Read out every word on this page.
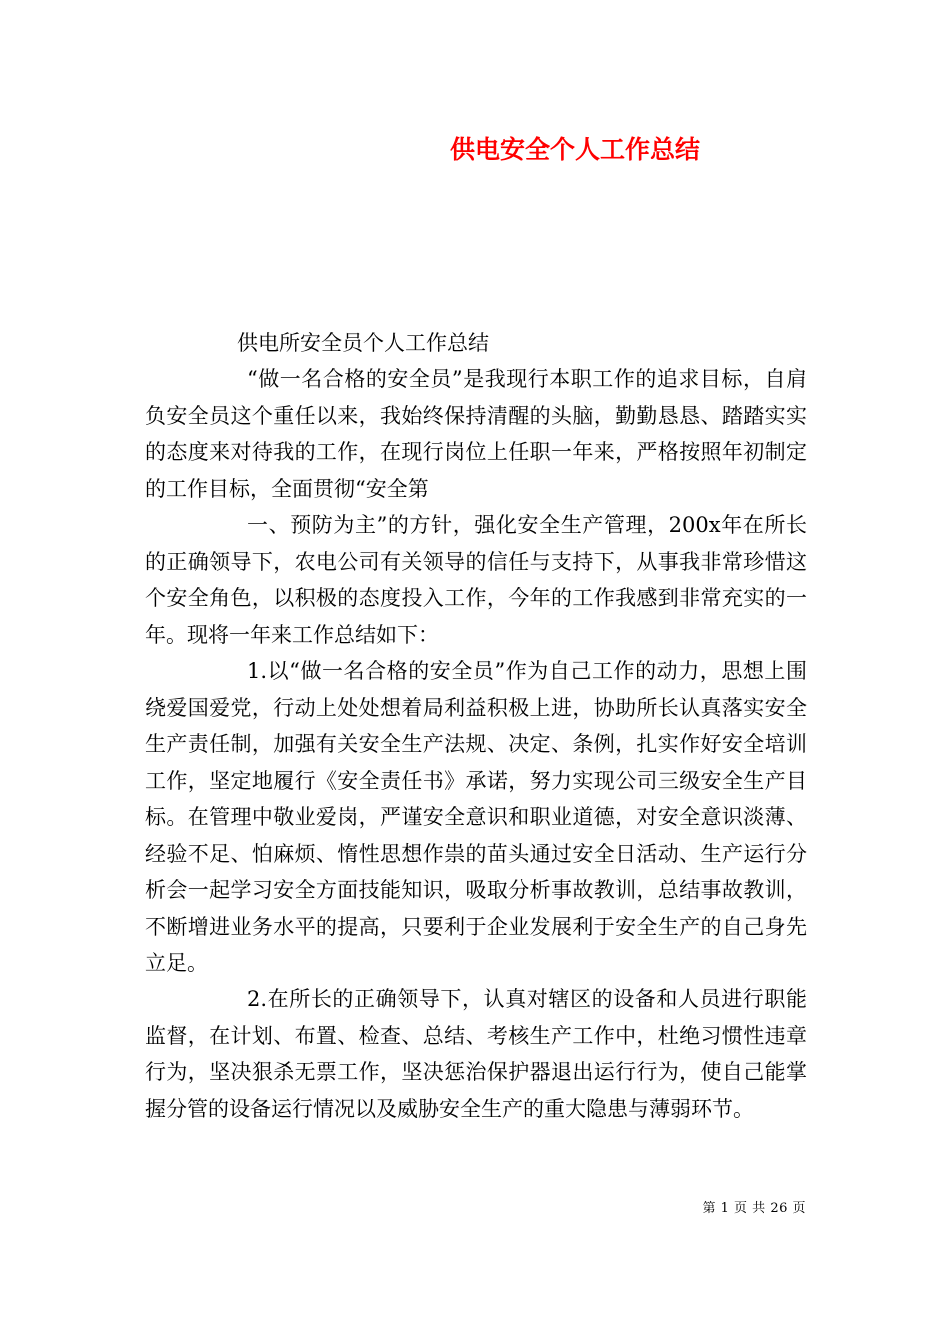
供电安全个人工作总结

供电所安全员个人工作总结

“做一名合格的安全员”是我现行本职工作的追求目标，自肩负安全员这个重任以来，我始终保持清醒的头脑，勤勤恳恳、踏踏实实的态度来对待我的工作，在现行岗位上任职一年来，严格按照年初制定的工作目标，全面贯彻“安全第

一、预防为主”的方针，强化安全生产管理，200x年在所长的正确领导下，农电公司有关领导的信任与支持下，从事我非常珍惜这个安全角色，以积极的态度投入工作，今年的工作我感到非常充实的一年。现将一年来工作总结如下：

1.以“做一名合格的安全员”作为自己工作的动力，思想上围绕爱国爱党，行动上处处想着局利益积极上进，协助所长认真落实安全生产责任制，加强有关安全生产法规、决定、条例，扎实作好安全培训工作，坚定地履行《安全责任书》承诺，努力实现公司三级安全生产目标。在管理中敬业爱岗，严谨安全意识和职业道德，对安全意识淡薄、经验不足、怕麻烦、惰性思想作祟的苗头通过安全日活动、生产运行分析会一起学习安全方面技能知识，吸取分析事故教训，总结事故教训，不断增进业务水平的提高，只要利于企业发展利于安全生产的自己身先立足。

2.在所长的正确领导下，认真对辖区的设备和人员进行职能监督，在计划、布置、检查、总结、考核生产工作中，杜绝习惯性违章行为，坚决狠杀无票工作，坚决惩治保护器退出运行行为，使自己能掌握分管的设备运行情况以及威胁安全生产的重大隐患与薄弱环节。

第 1 页 共 26 页
